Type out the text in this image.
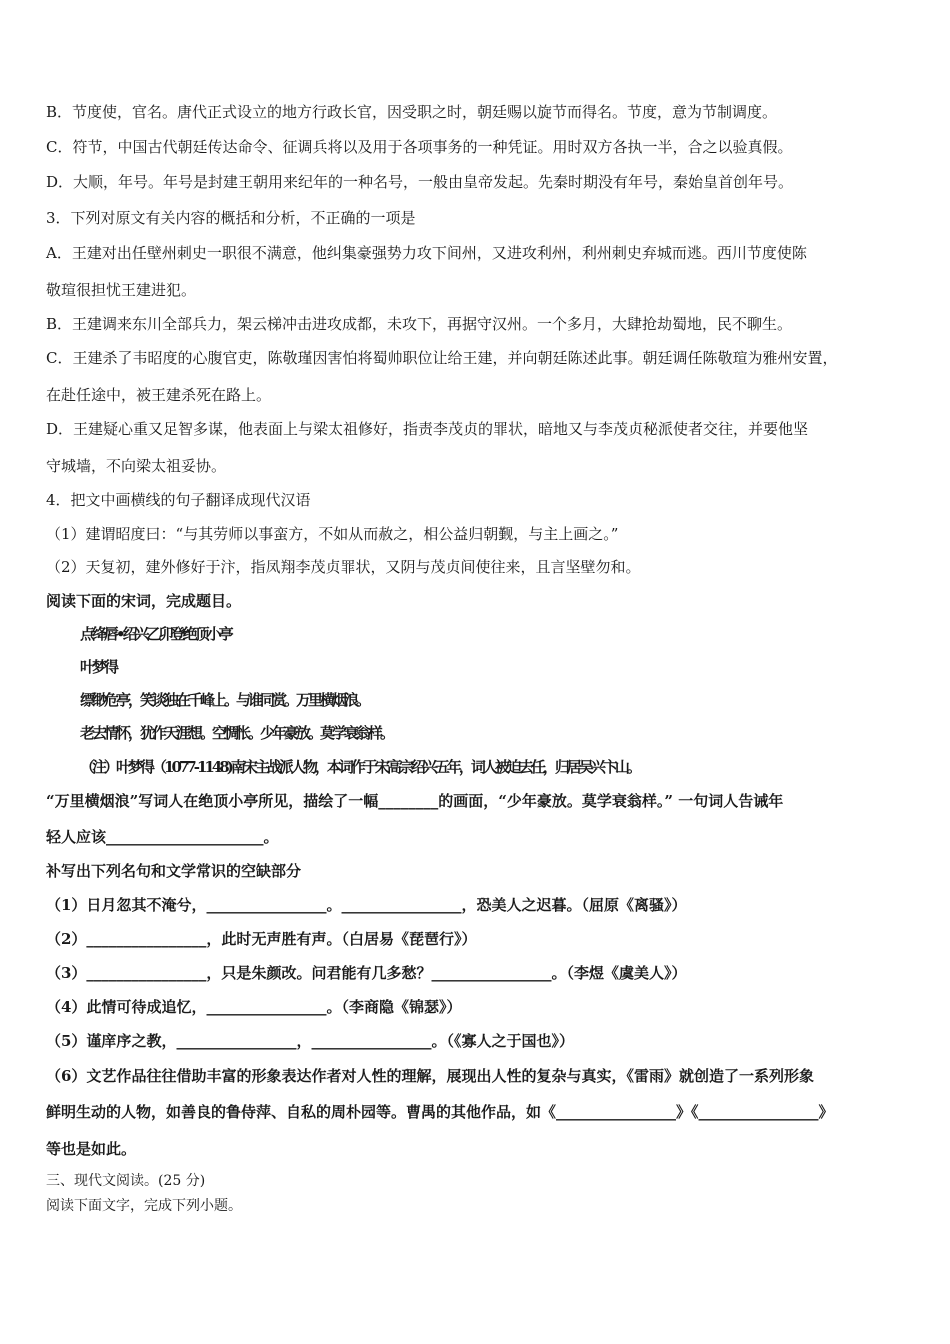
B．节度使，官名。唐代正式设立的地方行政长官，因受职之时，朝廷赐以旋节而得名。节度，意为节制调度。
C．符节，中国古代朝廷传达命令、征调兵将以及用于各项事务的一种凭证。用时双方各执一半，合之以验真假。
D．大顺，年号。年号是封建王朝用来纪年的一种名号，一般由皇帝发起。先秦时期没有年号，秦始皇首创年号。
3．下列对原文有关内容的概括和分析，不正确的一项是
A．王建对出任壁州刺史一职很不满意，他纠集豪强势力攻下间州，又进攻利州，利州刺史弃城而逃。西川节度使陈
敬瑄很担忧王建进犯。
B．王建调来东川全部兵力，架云梯冲击进攻成都，未攻下，再据守汉州。一个多月，大肆抢劫蜀地，民不聊生。
C．王建杀了韦昭度的心腹官吏，陈敬瑾因害怕将蜀帅职位让给王建，并向朝廷陈述此事。朝廷调任陈敬瑄为雅州安置，
在赴任途中，被王建杀死在路上。
D．王建疑心重又足智多谋，他表面上与梁太祖修好，指责李茂贞的罪状，暗地又与李茂贞秘派使者交往，并要他坚
守城墙，不向梁太祖妥协。
4．把文中画横线的句子翻译成现代汉语
（1）建谓昭度曰：“与其劳师以事蛮方，不如从而赦之，相公益归朝觐，与主上画之。”
（2）天复初，建外修好于汴，指凤翔李茂贞罪状，又阴与茂贞间使往来，且言坚壁勿和。
阅读下面的宋词，完成题目。
点绛唇•绍兴乙卯登绝顶小亭
叶梦得
缥缈危亭，笑谈独在千峰上。与谁同赏。万里横烟浪。
老去情怀，犹作天涯想。空惆怅。少年豪放。莫学衰翁样。
（注）叶梦得（1077-1148)南宋主战派人物，本词作于宋高宗绍兴五年，词人被迫去任，归居吴兴卞山。
“万里横烟浪”写词人在绝顶小亭所见，描绘了一幅________的画面，“少年豪放。莫学衰翁样。” 一句词人告诫年
轻人应该_____________________。
补写出下列名句和文学常识的空缺部分
（1）日月忽其不淹兮，________________。________________，恐美人之迟暮。（屈原《离骚》）
（2）________________，此时无声胜有声。（白居易《琵琶行》）
（3）________________，只是朱颜改。问君能有几多愁？________________。（李煜《虞美人》）
（4）此情可待成追忆，________________。（李商隐《锦瑟》）
（5）谨庠序之教，________________，________________。（《寡人之于国也》）
（6）文艺作品往往借助丰富的形象表达作者对人性的理解，展现出人性的复杂与真实，《雷雨》就创造了一系列形象
鲜明生动的人物，如善良的鲁侍萍、自私的周朴园等。曹禺的其他作品，如《________________》《________________》
等也是如此。
三、现代文阅读。(25 分)
阅读下面文字，完成下列小题。
